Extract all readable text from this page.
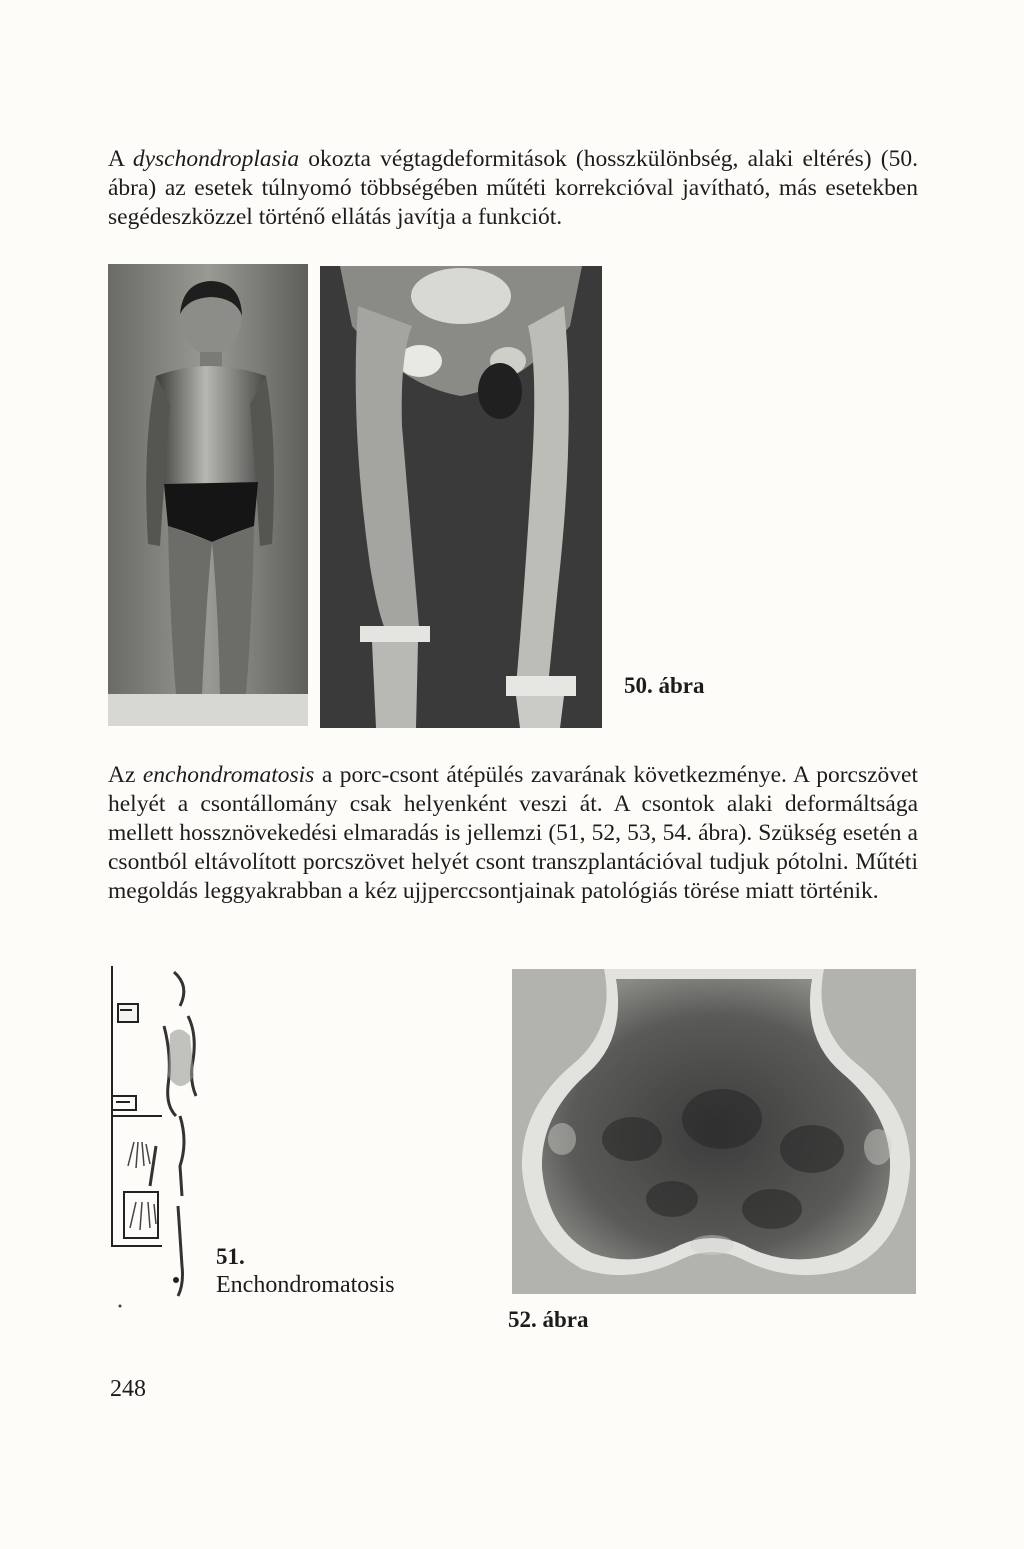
A dyschondroplasia okozta végtagdeformitások (hosszkülönbség, alaki eltérés) (50. ábra) az esetek túlnyomó többségében műtéti korrekcióval javítható, más esetekben segédeszközzel történő ellátás javítja a funkciót.
50. ábra
Az enchondromatosis a porc-csont átépülés zavarának következménye. A porcszövet helyét a csontállomány csak helyenként veszi át. A csontok alaki deformáltsága mellett hossznövekedési elmaradás is jellemzi (51, 52, 53, 54. ábra). Szükség esetén a csontból eltávolított porcszövet helyét csont transzplantációval tudjuk pótolni. Műtéti megoldás leggyakrabban a kéz ujjperccsontjainak patológiás törése miatt történik.
51.
Enchondromatosis
52. ábra
248
